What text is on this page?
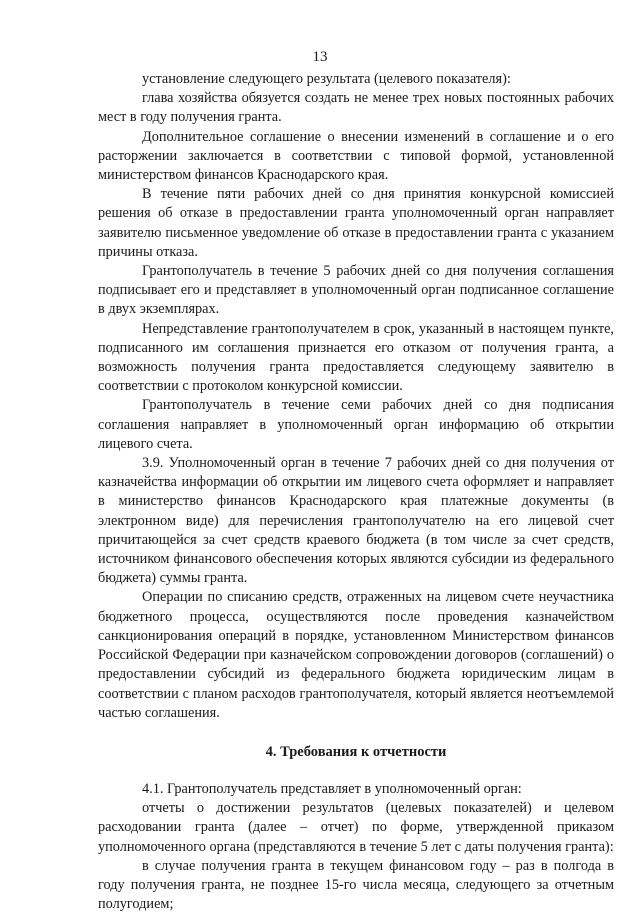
13

установление следующего результата (целевого показателя):

глава хозяйства обязуется создать не менее трех новых постоянных рабочих мест в году получения гранта.

Дополнительное соглашение о внесении изменений в соглашение и о его расторжении заключается в соответствии с типовой формой, установленной министерством финансов Краснодарского края.

В течение пяти рабочих дней со дня принятия конкурсной комиссией решения об отказе в предоставлении гранта уполномоченный орган направляет заявителю письменное уведомление об отказе в предоставлении гранта с указанием причины отказа.

Грантополучатель в течение 5 рабочих дней со дня получения соглашения подписывает его и представляет в уполномоченный орган подписанное соглашение в двух экземплярах.

Непредставление грантополучателем в срок, указанный в настоящем пункте, подписанного им соглашения признается его отказом от получения гранта, а возможность получения гранта предоставляется следующему заявителю в соответствии с протоколом конкурсной комиссии.

Грантополучатель в течение семи рабочих дней со дня подписания соглашения направляет в уполномоченный орган информацию об открытии лицевого счета.

3.9. Уполномоченный орган в течение 7 рабочих дней со дня получения от казначейства информации об открытии им лицевого счета оформляет и направляет в министерство финансов Краснодарского края платежные документы (в электронном виде) для перечисления грантополучателю на его лицевой счет причитающейся за счет средств краевого бюджета (в том числе за счет средств, источником финансового обеспечения которых являются субсидии из федерального бюджета) суммы гранта.

Операции по списанию средств, отраженных на лицевом счете неучастника бюджетного процесса, осуществляются после проведения казначейством санкционирования операций в порядке, установленном Министерством финансов Российской Федерации при казначейском сопровождении договоров (соглашений) о предоставлении субсидий из федерального бюджета юридическим лицам в соответствии с планом расходов грантополучателя, который является неотъемлемой частью соглашения.

4. Требования к отчетности

4.1. Грантополучатель представляет в уполномоченный орган:

отчеты о достижении результатов (целевых показателей) и целевом расходовании гранта (далее – отчет) по форме, утвержденной приказом уполномоченного органа (представляются в течение 5 лет с даты получения гранта):

в случае получения гранта в текущем финансовом году – раз в полгода в году получения гранта, не позднее 15-го числа месяца, следующего за отчетным полугодием;
